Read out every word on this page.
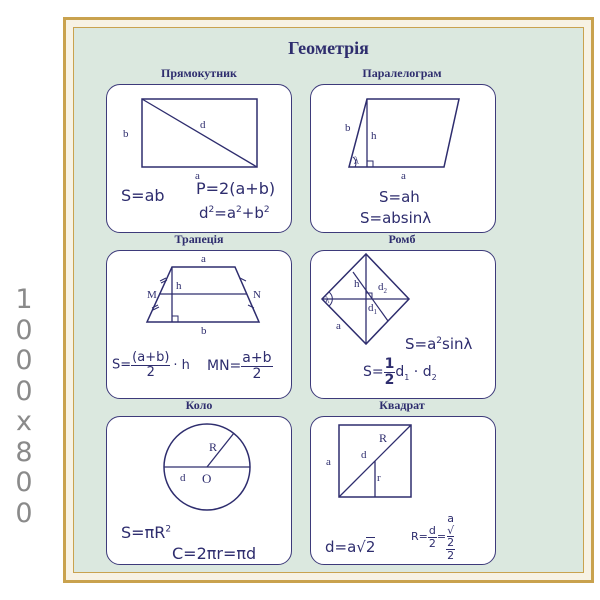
1
0
0
0
x
8
0
0
Геометрія
Прямокутник
b
d
a
S=ab P=2(a+b)
$d^2=a^2+b^2$
Паралелограм
b
h
λ
a
S=ah
S=absinλ
Трапеція
a
h
M	N
b
$S= \frac{(a+b)}{2} \cdot h$ $MN= \frac{a+b}{2}$
Ромб
λ
h $d_2$
$d_1$
a
$S=a^2\sin\lambda$
$S= \frac{1}{2} d_1 \cdot d_2$
Коло
R
d O
$S=\pi R^2$
C=2πr=πd
Квадрат
a
R
d
r
d=a√2
$R= \frac{d}{2} = a$
√
2
2
